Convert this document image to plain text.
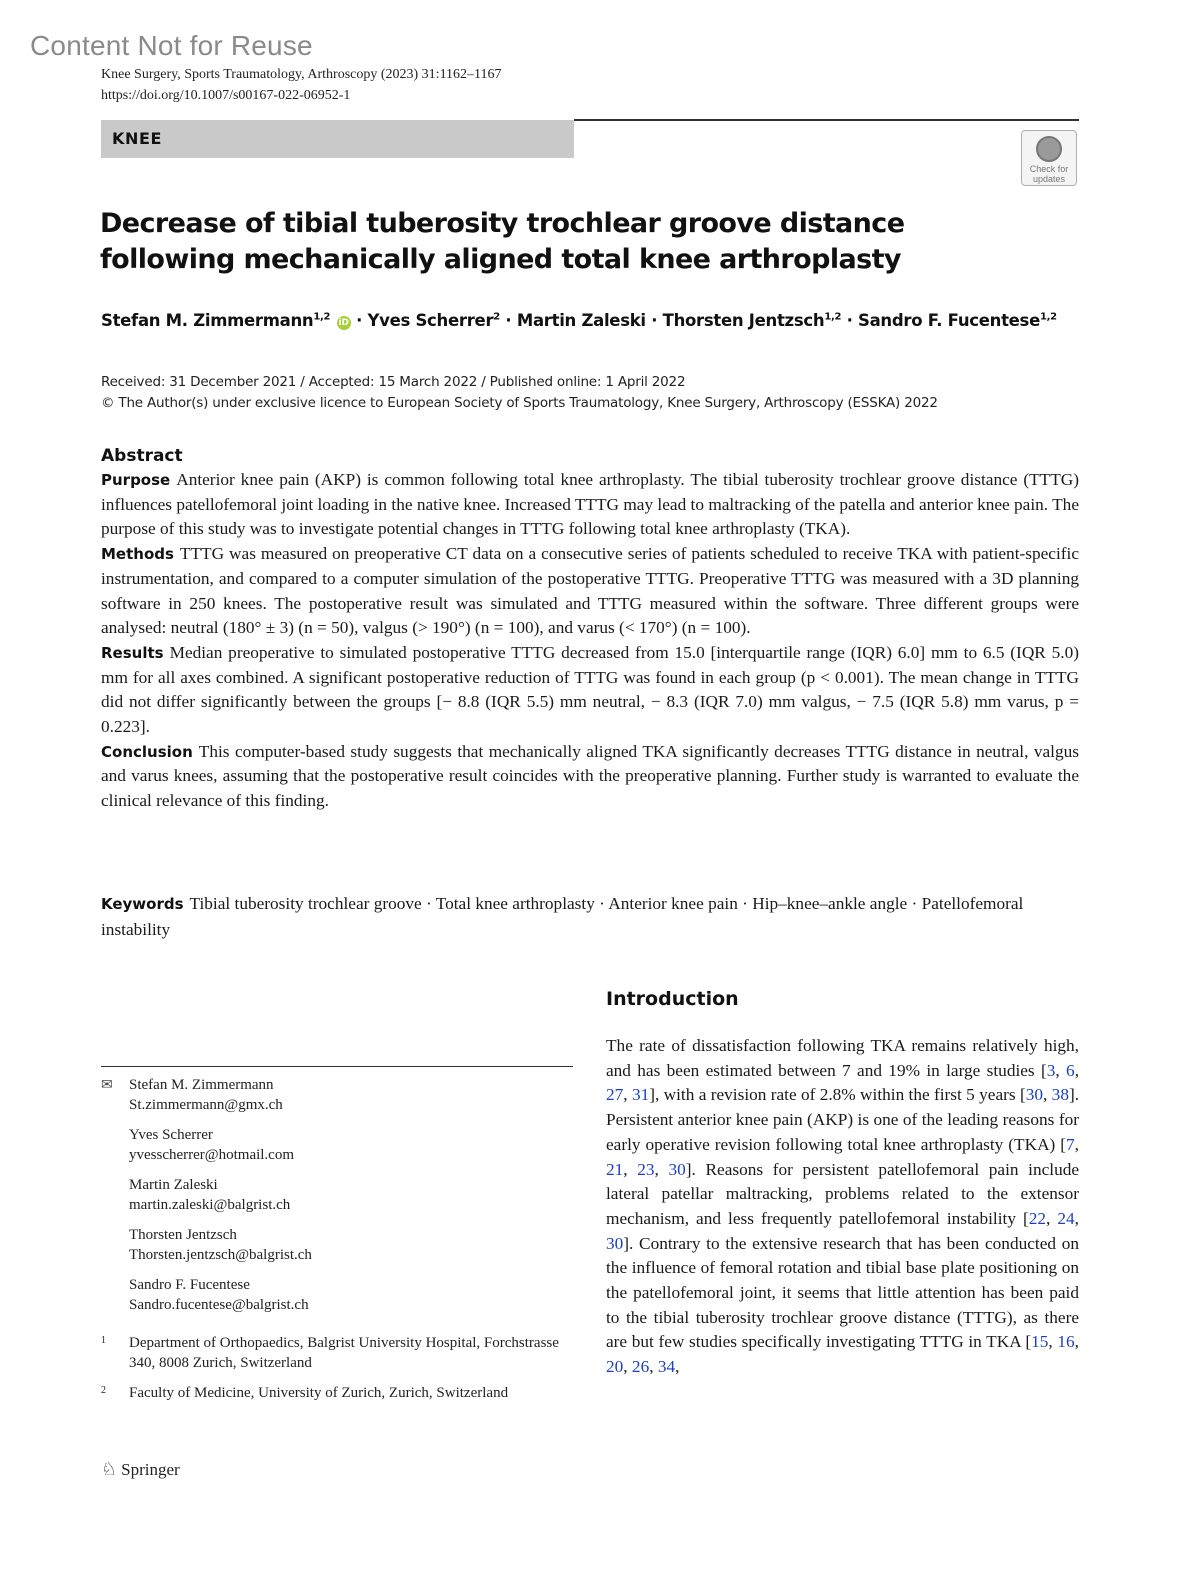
Content Not for Reuse
Knee Surgery, Sports Traumatology, Arthroscopy (2023) 31:1162–1167
https://doi.org/10.1007/s00167-022-06952-1
KNEE
Check for
updates
Decrease of tibial tuberosity trochlear groove distance
following mechanically aligned total knee arthroplasty
Stefan M. Zimmermann$^{1,2}$ iD · Yves Scherrer$^2$ · Martin Zaleski · Thorsten Jentzsch$^{1,2}$ · Sandro F. Fucentese$^{1,2}$
Received: 31 December 2021 / Accepted: 15 March 2022 / Published online: 1 April 2022
© The Author(s) under exclusive licence to European Society of Sports Traumatology, Knee Surgery, Arthroscopy (ESSKA) 2022
Abstract

Purpose Anterior knee pain (AKP) is common following total knee arthroplasty. The tibial tuberosity trochlear groove distance (TTTG) influences patellofemoral joint loading in the native knee. Increased TTTG may lead to maltracking of the patella and anterior knee pain. The purpose of this study was to investigate potential changes in TTTG following total knee arthroplasty (TKA).

Methods TTTG was measured on preoperative CT data on a consecutive series of patients scheduled to receive TKA with patient-specific instrumentation, and compared to a computer simulation of the postoperative TTTG. Preoperative TTTG was measured with a 3D planning software in 250 knees. The postoperative result was simulated and TTTG measured within the software. Three different groups were analysed: neutral (180° ± 3) (n = 50), valgus (> 190°) (n = 100), and varus (< 170°) (n = 100).

Results Median preoperative to simulated postoperative TTTG decreased from 15.0 [interquartile range (IQR) 6.0] mm to 6.5 (IQR 5.0) mm for all axes combined. A significant postoperative reduction of TTTG was found in each group (p < 0.001). The mean change in TTTG did not differ significantly between the groups [− 8.8 (IQR 5.5) mm neutral, − 8.3 (IQR 7.0) mm valgus, − 7.5 (IQR 5.8) mm varus, p = 0.223].

Conclusion This computer-based study suggests that mechanically aligned TKA significantly decreases TTTG distance in neutral, valgus and varus knees, assuming that the postoperative result coincides with the preoperative planning. Further study is warranted to evaluate the clinical relevance of this finding.

Keywords Tibial tuberosity trochlear groove · Total knee arthroplasty · Anterior knee pain · Hip–knee–ankle angle · Patellofemoral instability
✉ Stefan M. Zimmermann
St.zimmermann@gmx.ch
Yves Scherrer
yvesscherrer@hotmail.com
Martin Zaleski
martin.zaleski@balgrist.ch
Thorsten Jentzsch
Thorsten.jentzsch@balgrist.ch
Sandro F. Fucentese
Sandro.fucentese@balgrist.ch
1 Department of Orthopaedics, Balgrist University Hospital, Forchstrasse 340, 8008 Zurich, Switzerland
2 Faculty of Medicine, University of Zurich, Zurich, Switzerland
Introduction

The rate of dissatisfaction following TKA remains relatively high, and has been estimated between 7 and 19% in large studies [3, 6, 27, 31], with a revision rate of 2.8% within the first 5 years [30, 38]. Persistent anterior knee pain (AKP) is one of the leading reasons for early operative revision following total knee arthroplasty (TKA) [7, 21, 23, 30]. Reasons for persistent patellofemoral pain include lateral patellar maltracking, problems related to the extensor mechanism, and less frequently patellofemoral instability [22, 24, 30]. Contrary to the extensive research that has been conducted on the influence of femoral rotation and tibial base plate positioning on the patellofemoral joint, it seems that little attention has been paid to the tibial tuberosity trochlear groove distance (TTTG), as there are but few studies specifically investigating TTTG in TKA [15, 16, 20, 26, 34,

♘ Springer
